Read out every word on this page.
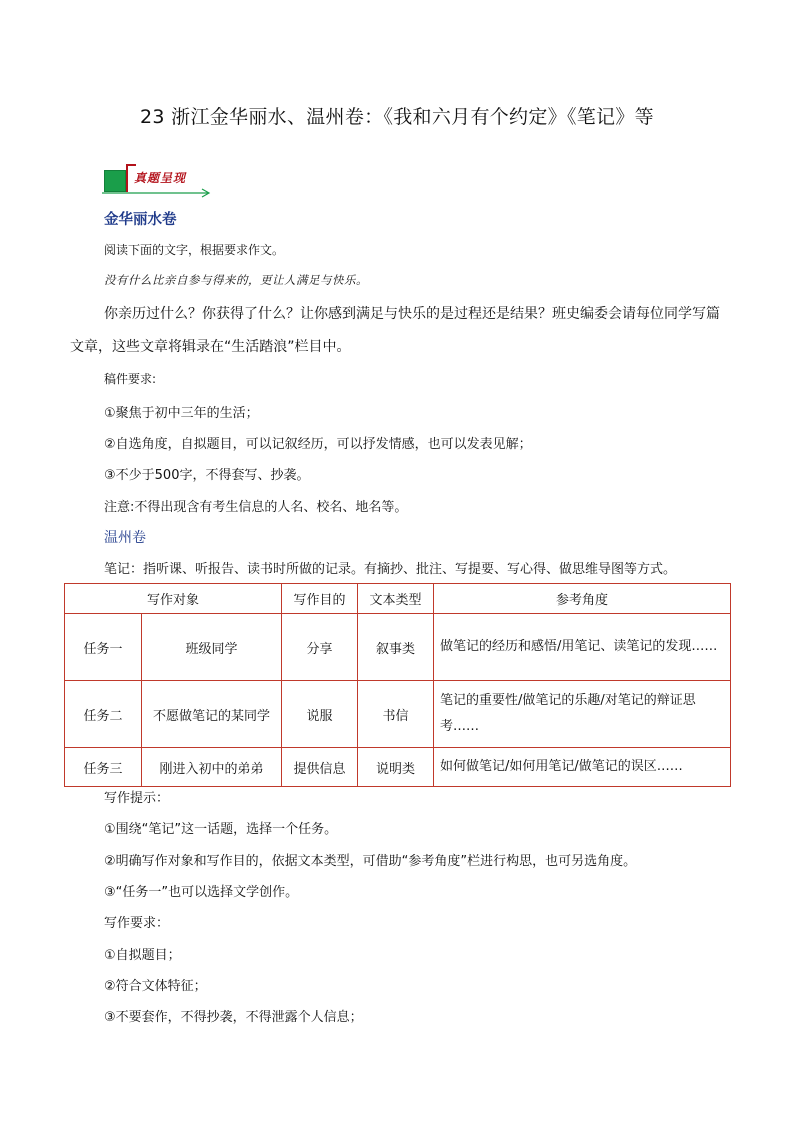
23 浙江金华丽水、温州卷：《我和六月有个约定》《笔记》等
真题呈现
金华丽水卷
阅读下面的文字，根据要求作文。
没有什么比亲自参与得来的，更让人满足与快乐。
你亲历过什么？你获得了什么？让你感到满足与快乐的是过程还是结果？班史编委会请每位同学写篇
文章，这些文章将辑录在“生活踏浪”栏目中。
稿件要求:
①聚焦于初中三年的生活；
②自选角度，自拟题目，可以记叙经历，可以抒发情感，也可以发表见解；
③不少于500字，不得套写、抄袭。
注意:不得出现含有考生信息的人名、校名、地名等。
温州卷
笔记：指听课、听报告、读书时所做的记录。有摘抄、批注、写提要、写心得、做思维导图等方式。
写作对象		写作目的	文本类型	参考角度
任务一	班级同学	分享	叙事类	做笔记的经历和感悟/用笔记、读笔记的发现……
任务二	不愿做笔记的某同学	说服	书信	笔记的重要性/做笔记的乐趣/对笔记的辩证思考……
任务三	刚进入初中的弟弟	提供信息	说明类	如何做笔记/如何用笔记/做笔记的误区……
写作提示：
①围绕“笔记”这一话题，选择一个任务。
②明确写作对象和写作目的，依据文本类型，可借助“参考角度”栏进行构思，也可另选角度。
③“任务一”也可以选择文学创作。
写作要求：
①自拟题目；
②符合文体特征；
③不要套作，不得抄袭，不得泄露个人信息；
